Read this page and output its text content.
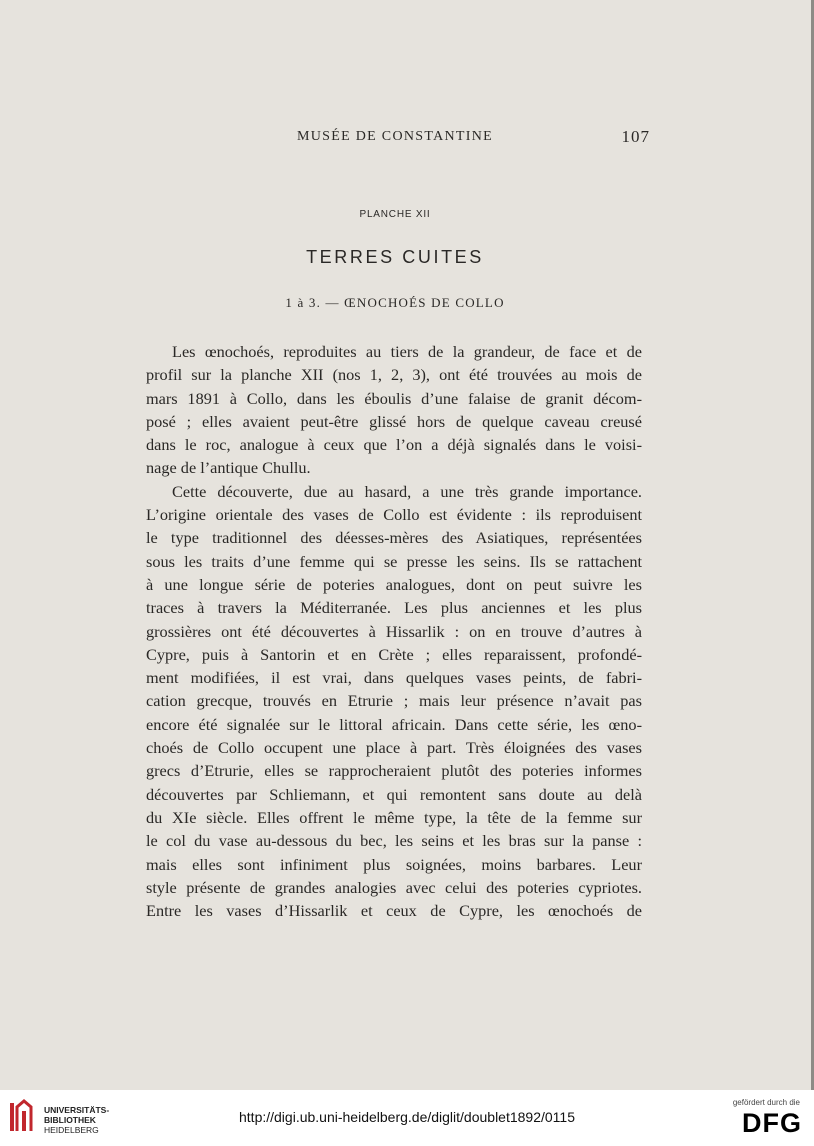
MUSÉE DE CONSTANTINE	107
PLANCHE XII
TERRES CUITES
1 à 3. — ŒNOCHOÉS DE COLLO
Les œnochoés, reproduites au tiers de la grandeur, de face et de
profil sur la planche XII (nos 1, 2, 3), ont été trouvées au mois de
mars 1891 à Collo, dans les éboulis d’une falaise de granit décom-
posé ; elles avaient peut-être glissé hors de quelque caveau creusé
dans le roc, analogue à ceux que l’on a déjà signalés dans le voisi-
nage de l’antique Chullu.
Cette découverte, due au hasard, a une très grande importance.
L’origine orientale des vases de Collo est évidente : ils reproduisent
le type traditionnel des déesses-mères des Asiatiques, représentées
sous les traits d’une femme qui se presse les seins. Ils se rattachent
à une longue série de poteries analogues, dont on peut suivre les
traces à travers la Méditerranée. Les plus anciennes et les plus
grossières ont été découvertes à Hissarlik : on en trouve d’autres à
Cypre, puis à Santorin et en Crète ; elles reparaissent, profondé-
ment modifiées, il est vrai, dans quelques vases peints, de fabri-
cation grecque, trouvés en Etrurie ; mais leur présence n’avait pas
encore été signalée sur le littoral africain. Dans cette série, les œno-
choés de Collo occupent une place à part. Très éloignées des vases
grecs d’Etrurie, elles se rapprocheraient plutôt des poteries informes
découvertes par Schliemann, et qui remontent sans doute au delà
du XIe siècle. Elles offrent le même type, la tête de la femme sur
le col du vase au-dessous du bec, les seins et les bras sur la panse :
mais elles sont infiniment plus soignées, moins barbares. Leur
style présente de grandes analogies avec celui des poteries cypriotes.
Entre les vases d’Hissarlik et ceux de Cypre, les œnochoés de
UNIVERSITÄTS-
BIBLIOTHEK
HEIDELBERG
http://digi.ub.uni-heidelberg.de/diglit/doublet1892/0115
gefördert durch die
DFG
